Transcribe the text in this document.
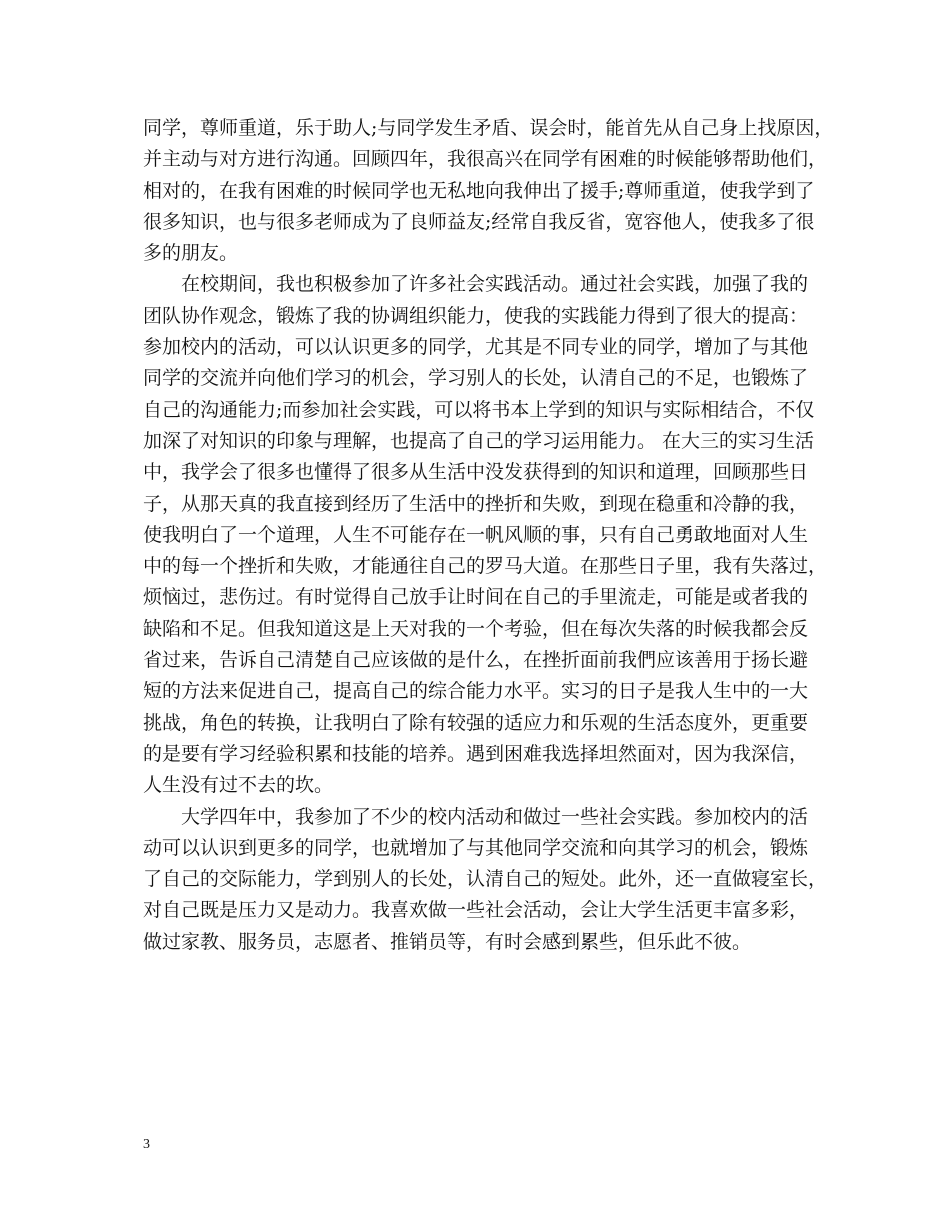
同学，尊师重道，乐于助人;与同学发生矛盾、误会时，能首先从自己身上找原因，
并主动与对方进行沟通。回顾四年，我很高兴在同学有困难的时候能够帮助他们，
相对的，在我有困难的时候同学也无私地向我伸出了援手;尊师重道，使我学到了
很多知识，也与很多老师成为了良师益友;经常自我反省，宽容他人，使我多了很
多的朋友。
在校期间，我也积极参加了许多社会实践活动。通过社会实践，加强了我的
团队协作观念，锻炼了我的协调组织能力，使我的实践能力得到了很大的提高：
参加校内的活动，可以认识更多的同学，尤其是不同专业的同学，增加了与其他
同学的交流并向他们学习的机会，学习别人的长处，认清自己的不足，也锻炼了
自己的沟通能力;而参加社会实践，可以将书本上学到的知识与实际相结合，不仅
加深了对知识的印象与理解，也提高了自己的学习运用能力。 在大三的实习生活
中，我学会了很多也懂得了很多从生活中没发获得到的知识和道理，回顾那些日
子，从那天真的我直接到经历了生活中的挫折和失败，到现在稳重和冷静的我，
使我明白了一个道理，人生不可能存在一帆风顺的事，只有自己勇敢地面对人生
中的每一个挫折和失败，才能通往自己的罗马大道。在那些日子里，我有失落过，
烦恼过，悲伤过。有时觉得自己放手让时间在自己的手里流走，可能是或者我的
缺陷和不足。但我知道这是上天对我的一个考验，但在每次失落的时候我都会反
省过来，告诉自己清楚自己应该做的是什么，在挫折面前我們应该善用于扬长避
短的方法来促进自己，提高自己的综合能力水平。实习的日子是我人生中的一大
挑战，角色的转换，让我明白了除有较强的适应力和乐观的生活态度外，更重要
的是要有学习经验积累和技能的培养。遇到困难我选择坦然面对，因为我深信，
人生没有过不去的坎。
大学四年中，我参加了不少的校内活动和做过一些社会实践。参加校内的活
动可以认识到更多的同学，也就增加了与其他同学交流和向其学习的机会，锻炼
了自己的交际能力，学到别人的长处，认清自己的短处。此外，还一直做寝室长，
对自己既是压力又是动力。我喜欢做一些社会活动，会让大学生活更丰富多彩，
做过家教、服务员，志愿者、推销员等，有时会感到累些，但乐此不彼。
3
